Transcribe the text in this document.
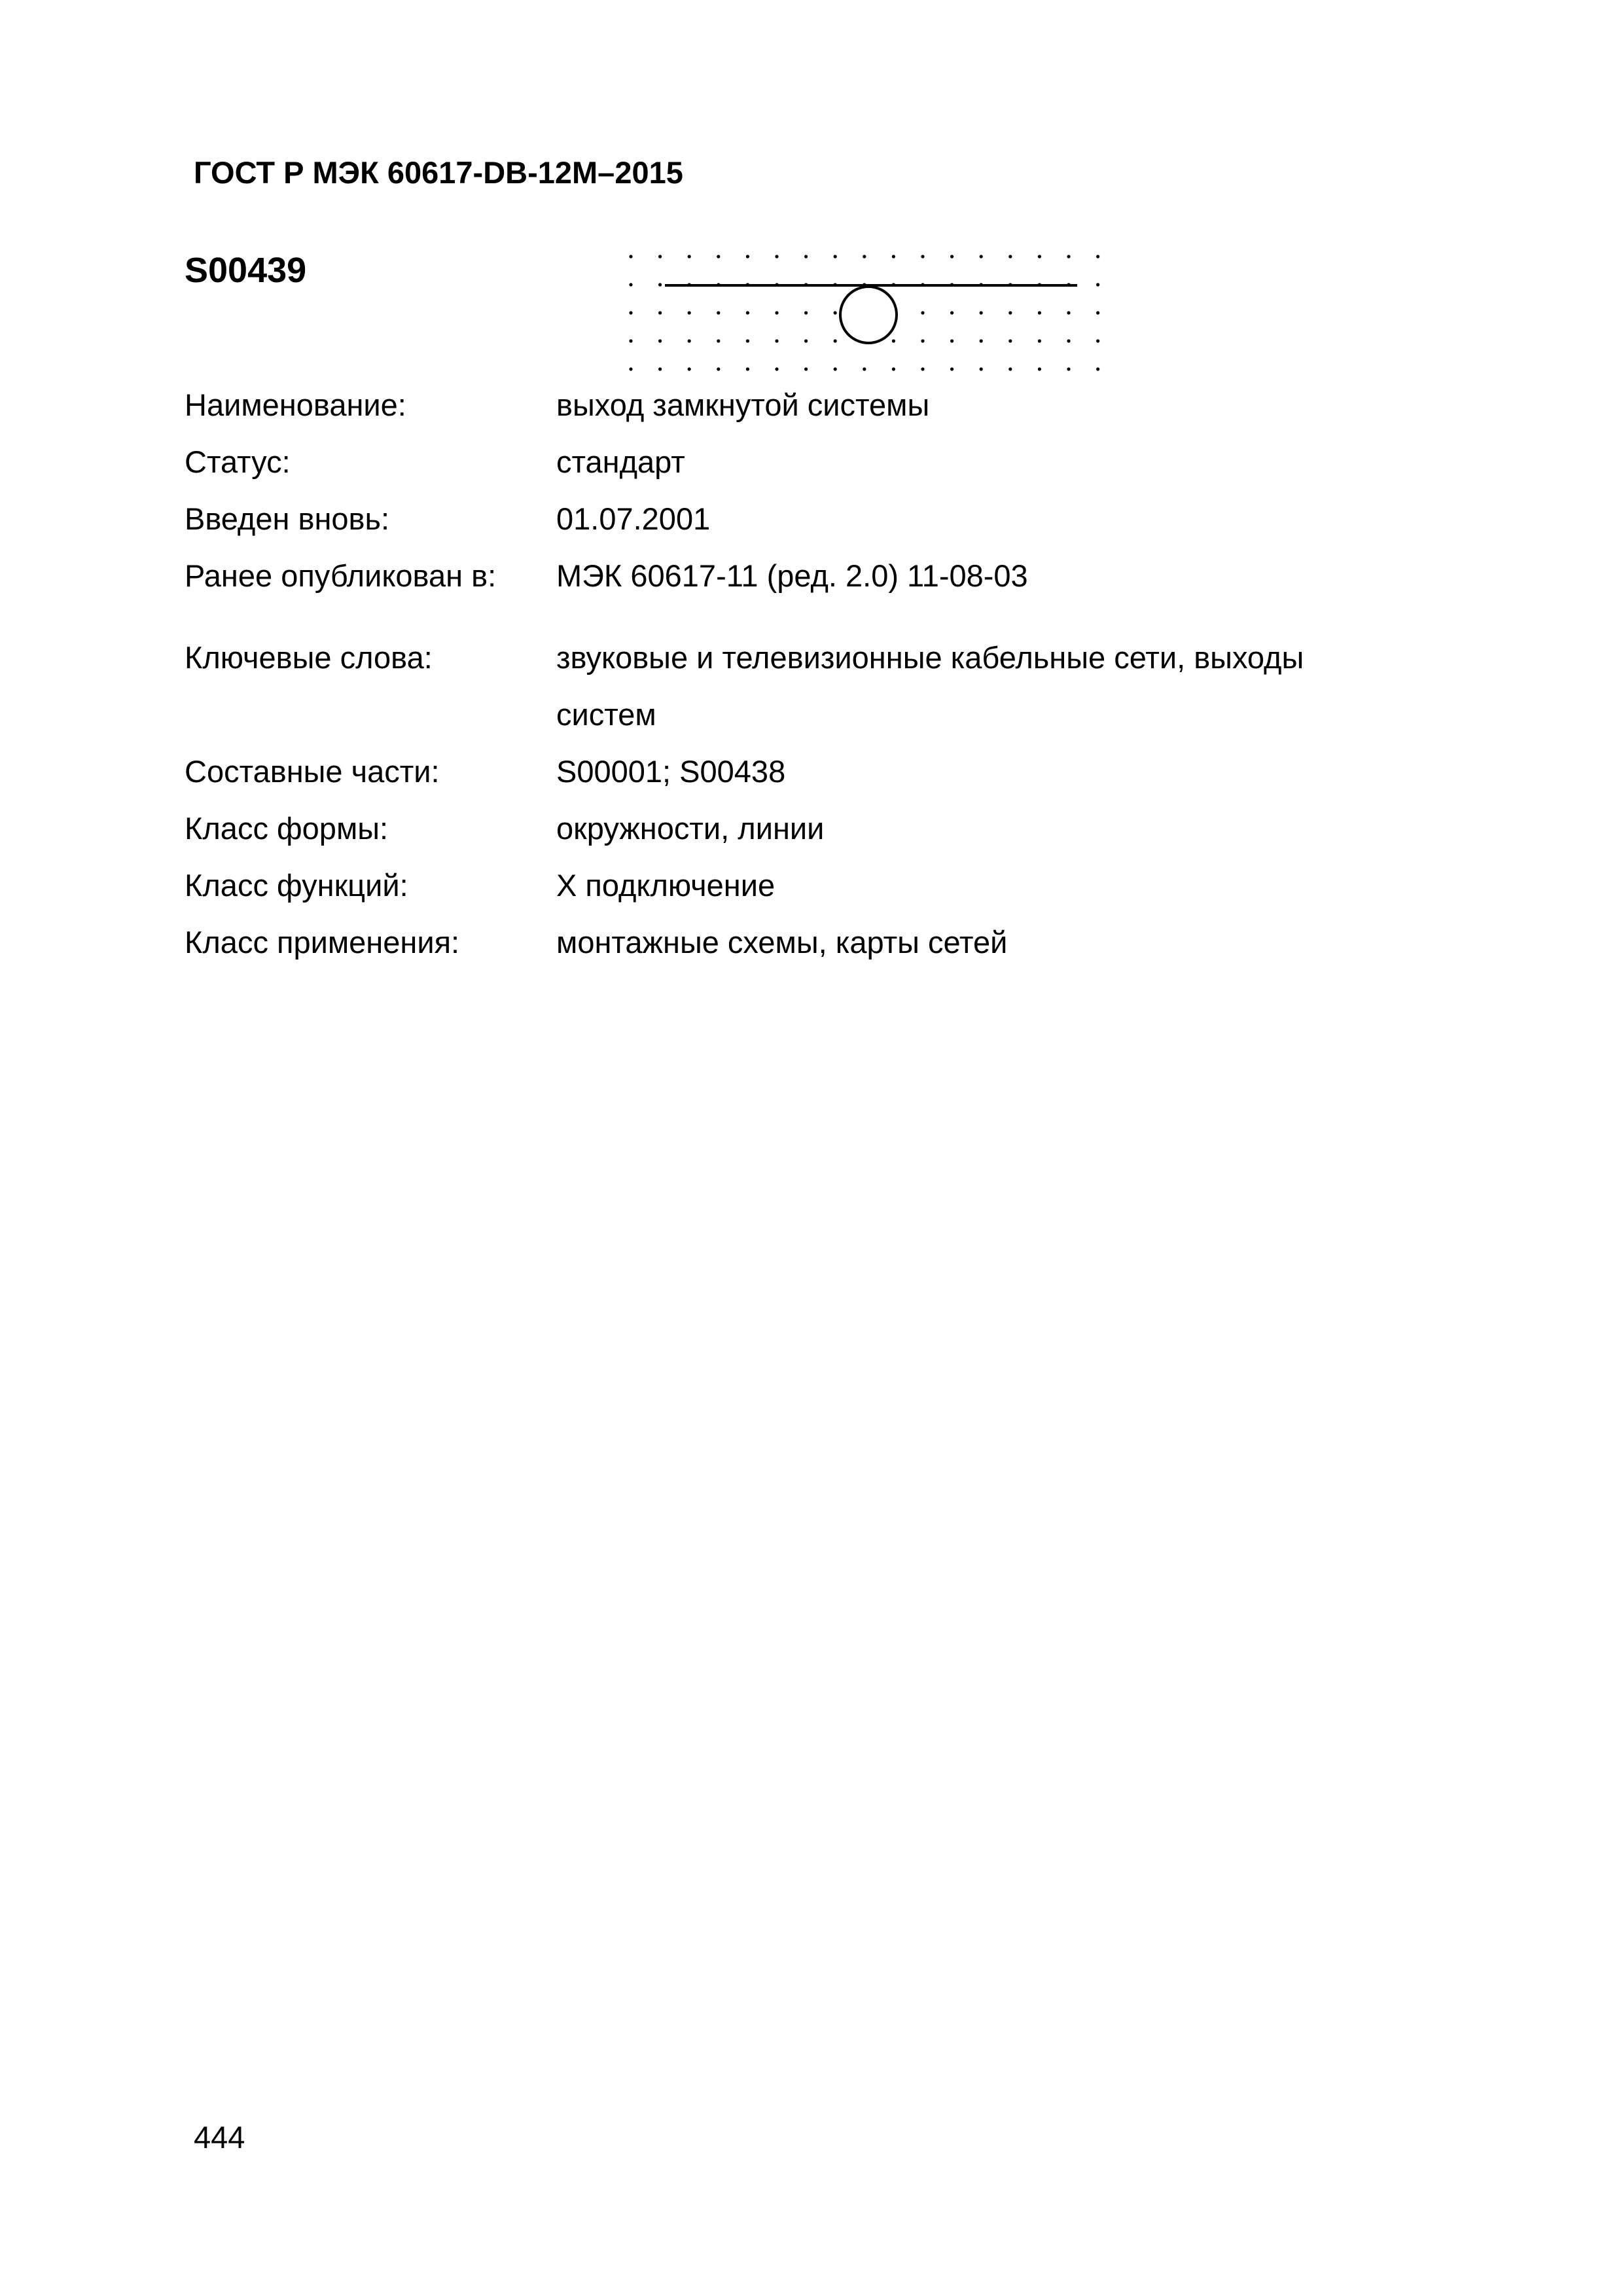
ГОСТ Р МЭК 60617-DB-12M–2015
S00439
Наименование:	выход замкнутой системы
Статус:	стандарт
Введен вновь:	01.07.2001
Ранее опубликован в:	МЭК 60617-11 (ред. 2.0) 11-08-03
Ключевые слова:	звуковые и телевизионные кабельные сети, выходы систем
Составные части:	S00001; S00438
Класс формы:	окружности, линии
Класс функций:	X подключение
Класс применения:	монтажные схемы, карты сетей
444
